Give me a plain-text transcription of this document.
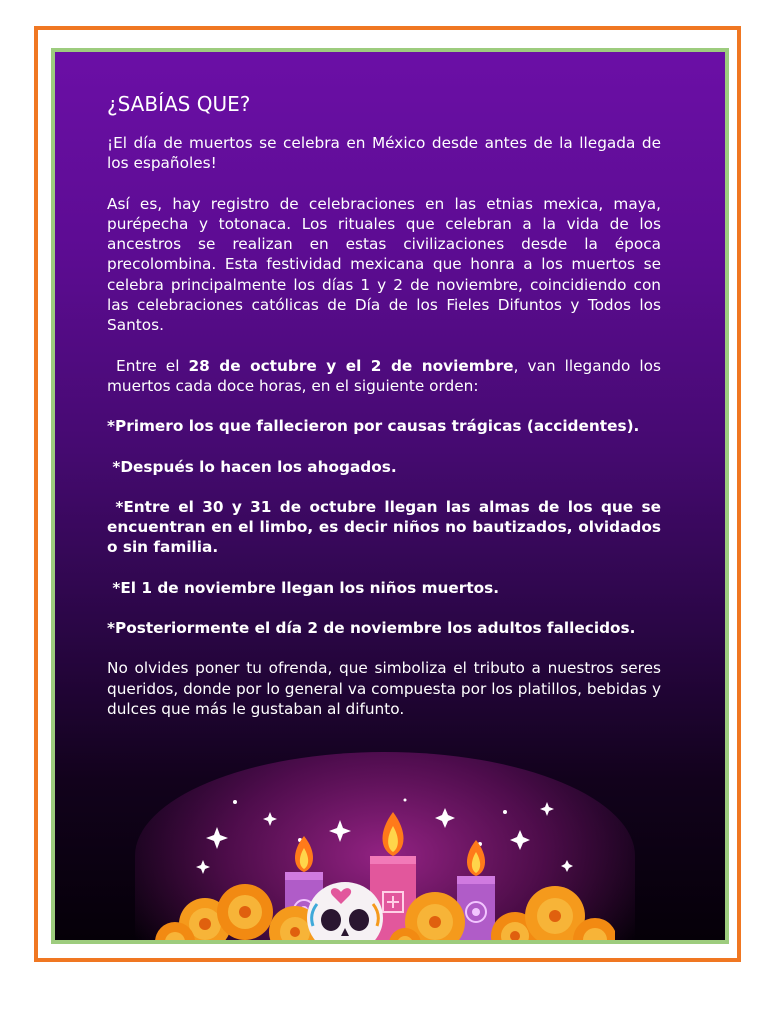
¿SABÍAS QUE?

¡El día de muertos se celebra en México desde antes de la llegada de los españoles!

Así es, hay registro de celebraciones en las etnias mexica, maya, purépecha y totonaca. Los rituales que celebran a la vida de los ancestros se realizan en estas civilizaciones desde la época precolombina. Esta festividad mexicana que honra a los muertos se celebra principalmente los días 1 y 2 de noviembre, coincidiendo con las celebraciones católicas de Día de los Fieles Difuntos y Todos los Santos.

Entre el 28 de octubre y el 2 de noviembre, van llegando los muertos cada doce horas, en el siguiente orden:

*Primero los que fallecieron por causas trágicas (accidentes).

*Después lo hacen los ahogados.

*Entre el 30 y 31 de octubre llegan las almas de los que se encuentran en el limbo, es decir niños no bautizados, olvidados o sin familia.

*El 1 de noviembre llegan los niños muertos.

*Posteriormente el día 2 de noviembre los adultos fallecidos.

No olvides poner tu ofrenda, que simboliza el tributo a nuestros seres queridos, donde por lo general va compuesta por los platillos, bebidas y dulces que más le gustaban al difunto.
